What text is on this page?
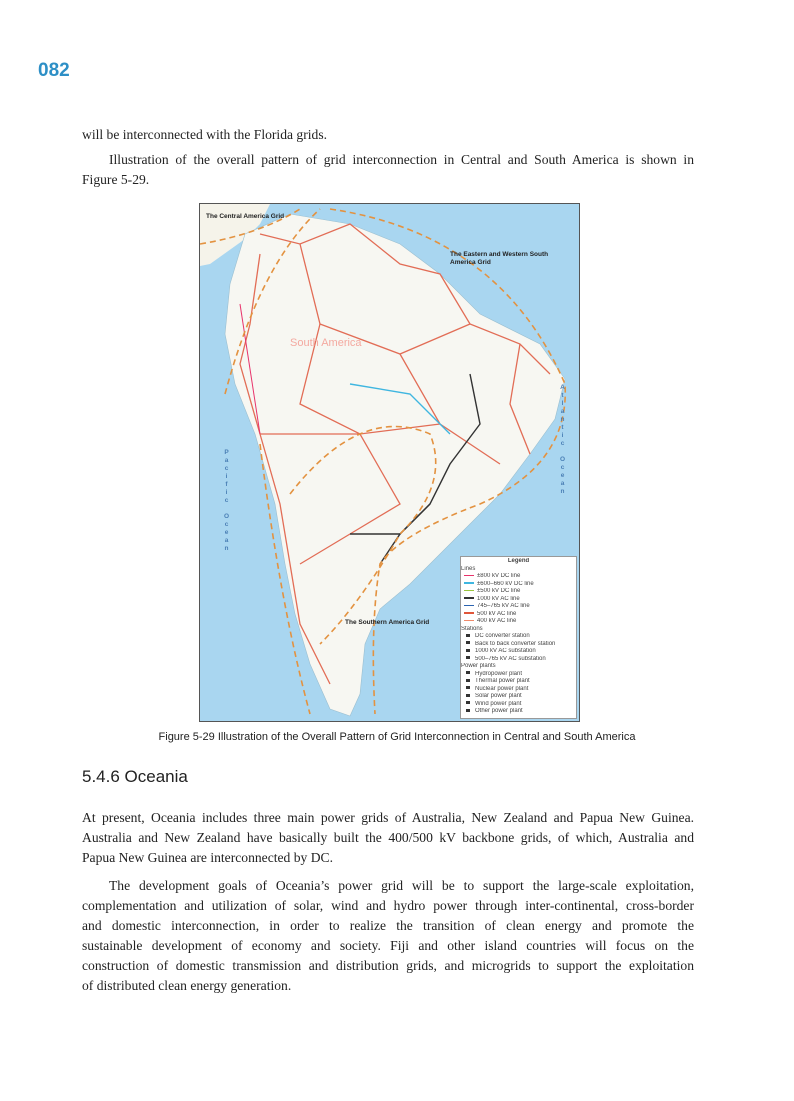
082
will be interconnected with the Florida grids.
Illustration of the overall pattern of grid interconnection in Central and South America is shown in
Figure 5-29.
The Central America Grid
The Eastern and Western South America Grid
The Southern America Grid
South America
Pacific Ocean
Atlantic Ocean
Legend
Lines
±800 kV DC line
±600–660 kV DC line
±500 kV DC line
1000 kV AC line
745–765 kV AC line
500 kV AC line
400 kV AC line
Stations
DC converter station
Back to back converter station
1000 kV AC substation
500–765 kV AC substation
Power plants
Hydropower plant
Thermal power plant
Nuclear power plant
Solar power plant
Wind power plant
Other power plant
Figure 5-29 Illustration of the Overall Pattern of Grid Interconnection in Central and South America
5.4.6 Oceania
At present, Oceania includes three main power grids of Australia, New Zealand and Papua New Guinea.
Australia and New Zealand have basically built the 400/500 kV backbone grids, of which, Australia and
Papua New Guinea are interconnected by DC.
The development goals of Oceania’s power grid will be to support the large-scale exploitation,
complementation and utilization of solar, wind and hydro power through inter-continental, cross-border
and domestic interconnection, in order to realize the transition of clean energy and promote the
sustainable development of economy and society. Fiji and other island countries will focus on the
construction of domestic transmission and distribution grids, and microgrids to support the exploitation
of distributed clean energy generation.
